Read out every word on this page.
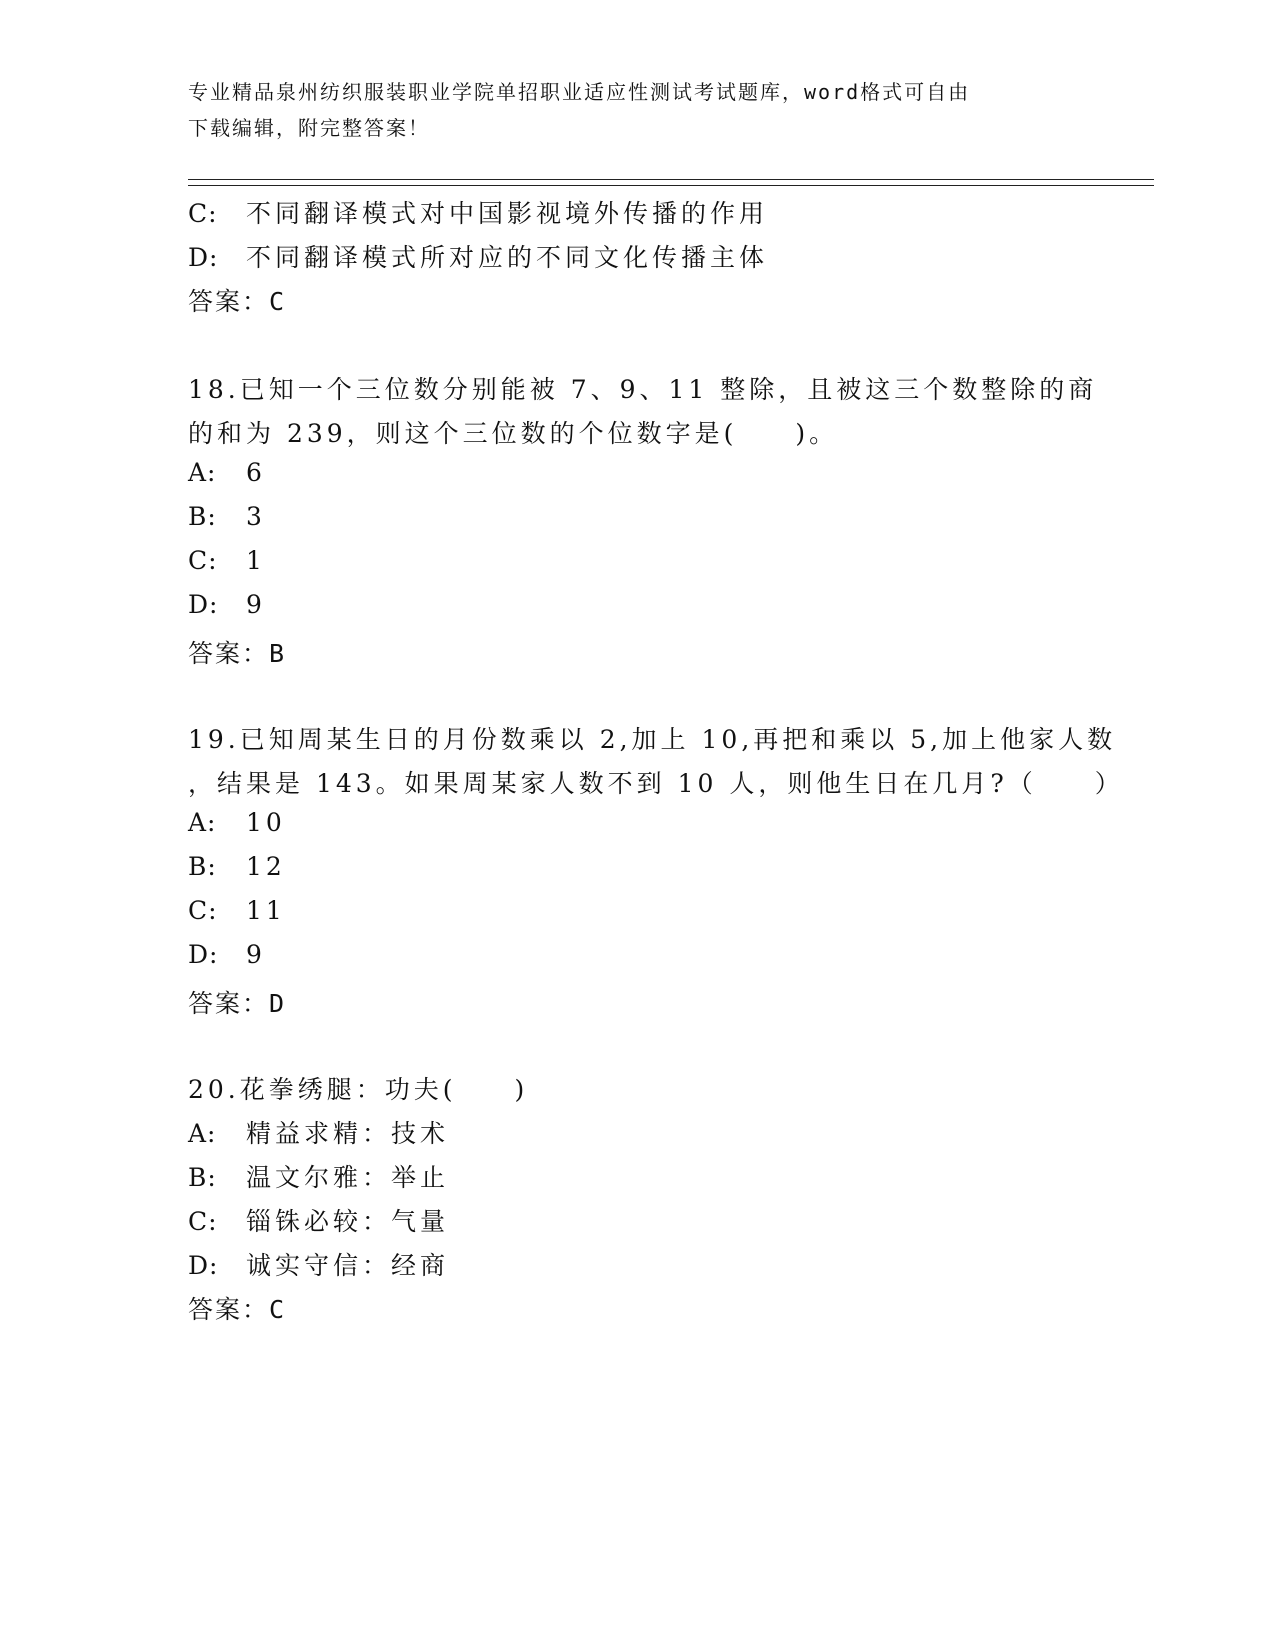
专业精品泉州纺织服装职业学院单招职业适应性测试考试题库，word格式可自由
下载编辑，附完整答案！
C: 不同翻译模式对中国影视境外传播的作用
D: 不同翻译模式所对应的不同文化传播主体
答案：C
18.已知一个三位数分别能被 7、9、11 整除，且被这三个数整除的商
的和为 239，则这个三位数的个位数字是(　　)。
A: 6
B: 3
C: 1
D: 9
答案：B
19.已知周某生日的月份数乘以 2,加上 10,再把和乘以 5,加上他家人数
，结果是 143。如果周某家人数不到 10 人，则他生日在几月?（　　）
A: 10
B: 12
C: 11
D: 9
答案：D
20.花拳绣腿：功夫(　　)
A: 精益求精：技术
B: 温文尔雅：举止
C: 锱铢必较：气量
D: 诚实守信：经商
答案：C
